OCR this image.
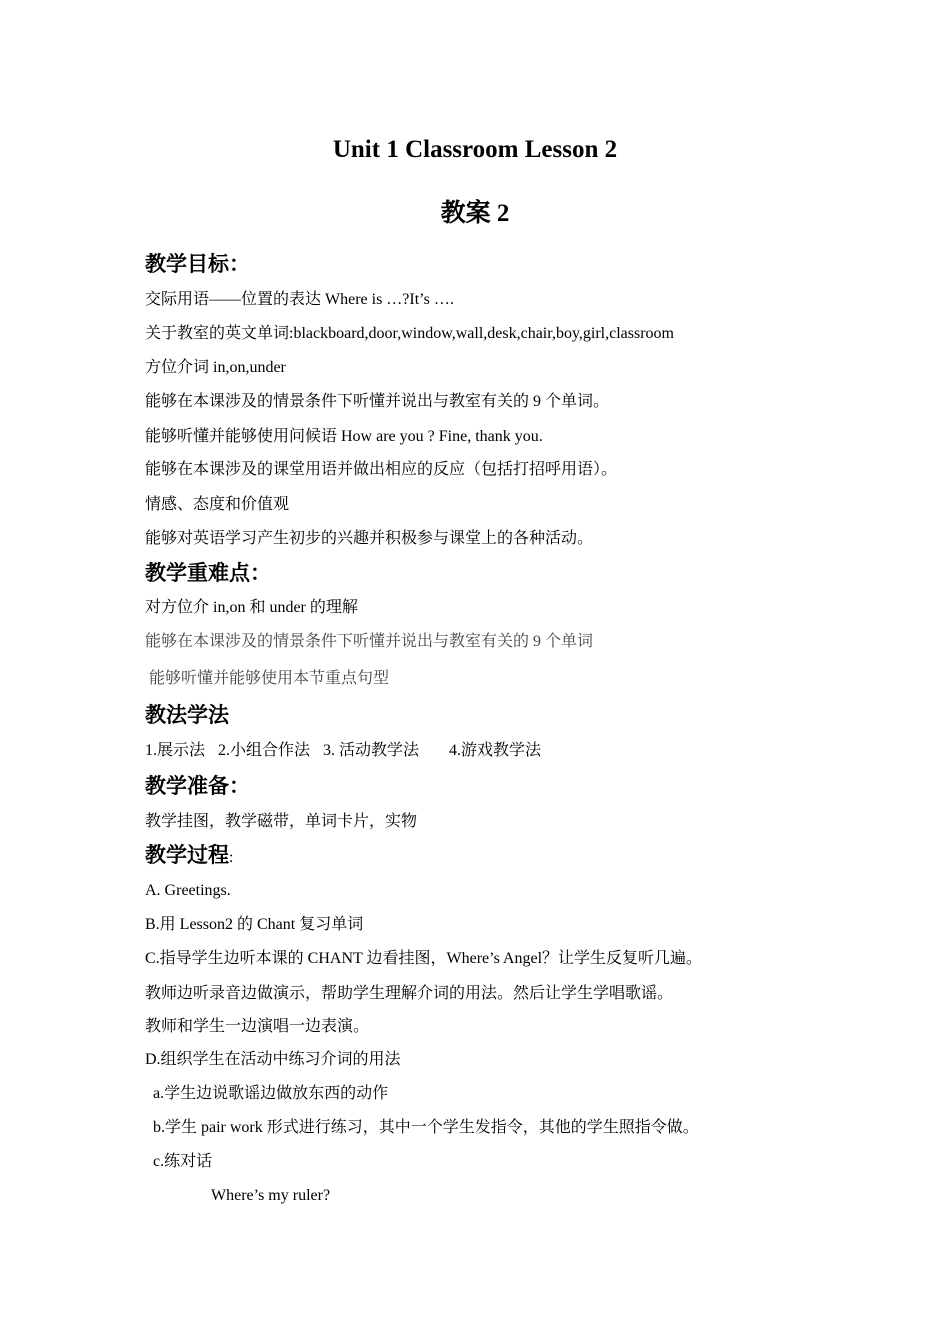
Unit 1 Classroom Lesson 2
教案 2
教学目标：
交际用语——位置的表达 Where is …?It’s ….
关于教室的英文单词:blackboard,door,window,wall,desk,chair,boy,girl,classroom
方位介词 in,on,under
能够在本课涉及的情景条件下听懂并说出与教室有关的 9 个单词。
能够听懂并能够使用问候语 How are you ? Fine, thank you.
能够在本课涉及的课堂用语并做出相应的反应（包括打招呼用语）。
情感、态度和价值观
能够对英语学习产生初步的兴趣并积极参与课堂上的各种活动。
教学重难点：
对方位介 in,on 和 under 的理解
能够在本课涉及的情景条件下听懂并说出与教室有关的 9 个单词
能够听懂并能够使用本节重点句型
教法学法
1.展示法 2.小组合作法 3. 活动教学法 4.游戏教学法
教学准备：
教学挂图，教学磁带，单词卡片，实物
教学过程:
A. Greetings.
B.用 Lesson2 的 Chant 复习单词
C.指导学生边听本课的 CHANT 边看挂图，Where’s Angel？让学生反复听几遍。
教师边听录音边做演示，帮助学生理解介词的用法。然后让学生学唱歌谣。
教师和学生一边演唱一边表演。
D.组织学生在活动中练习介词的用法
a.学生边说歌谣边做放东西的动作
b.学生 pair work 形式进行练习，其中一个学生发指令，其他的学生照指令做。
c.练对话
Where’s my ruler?
